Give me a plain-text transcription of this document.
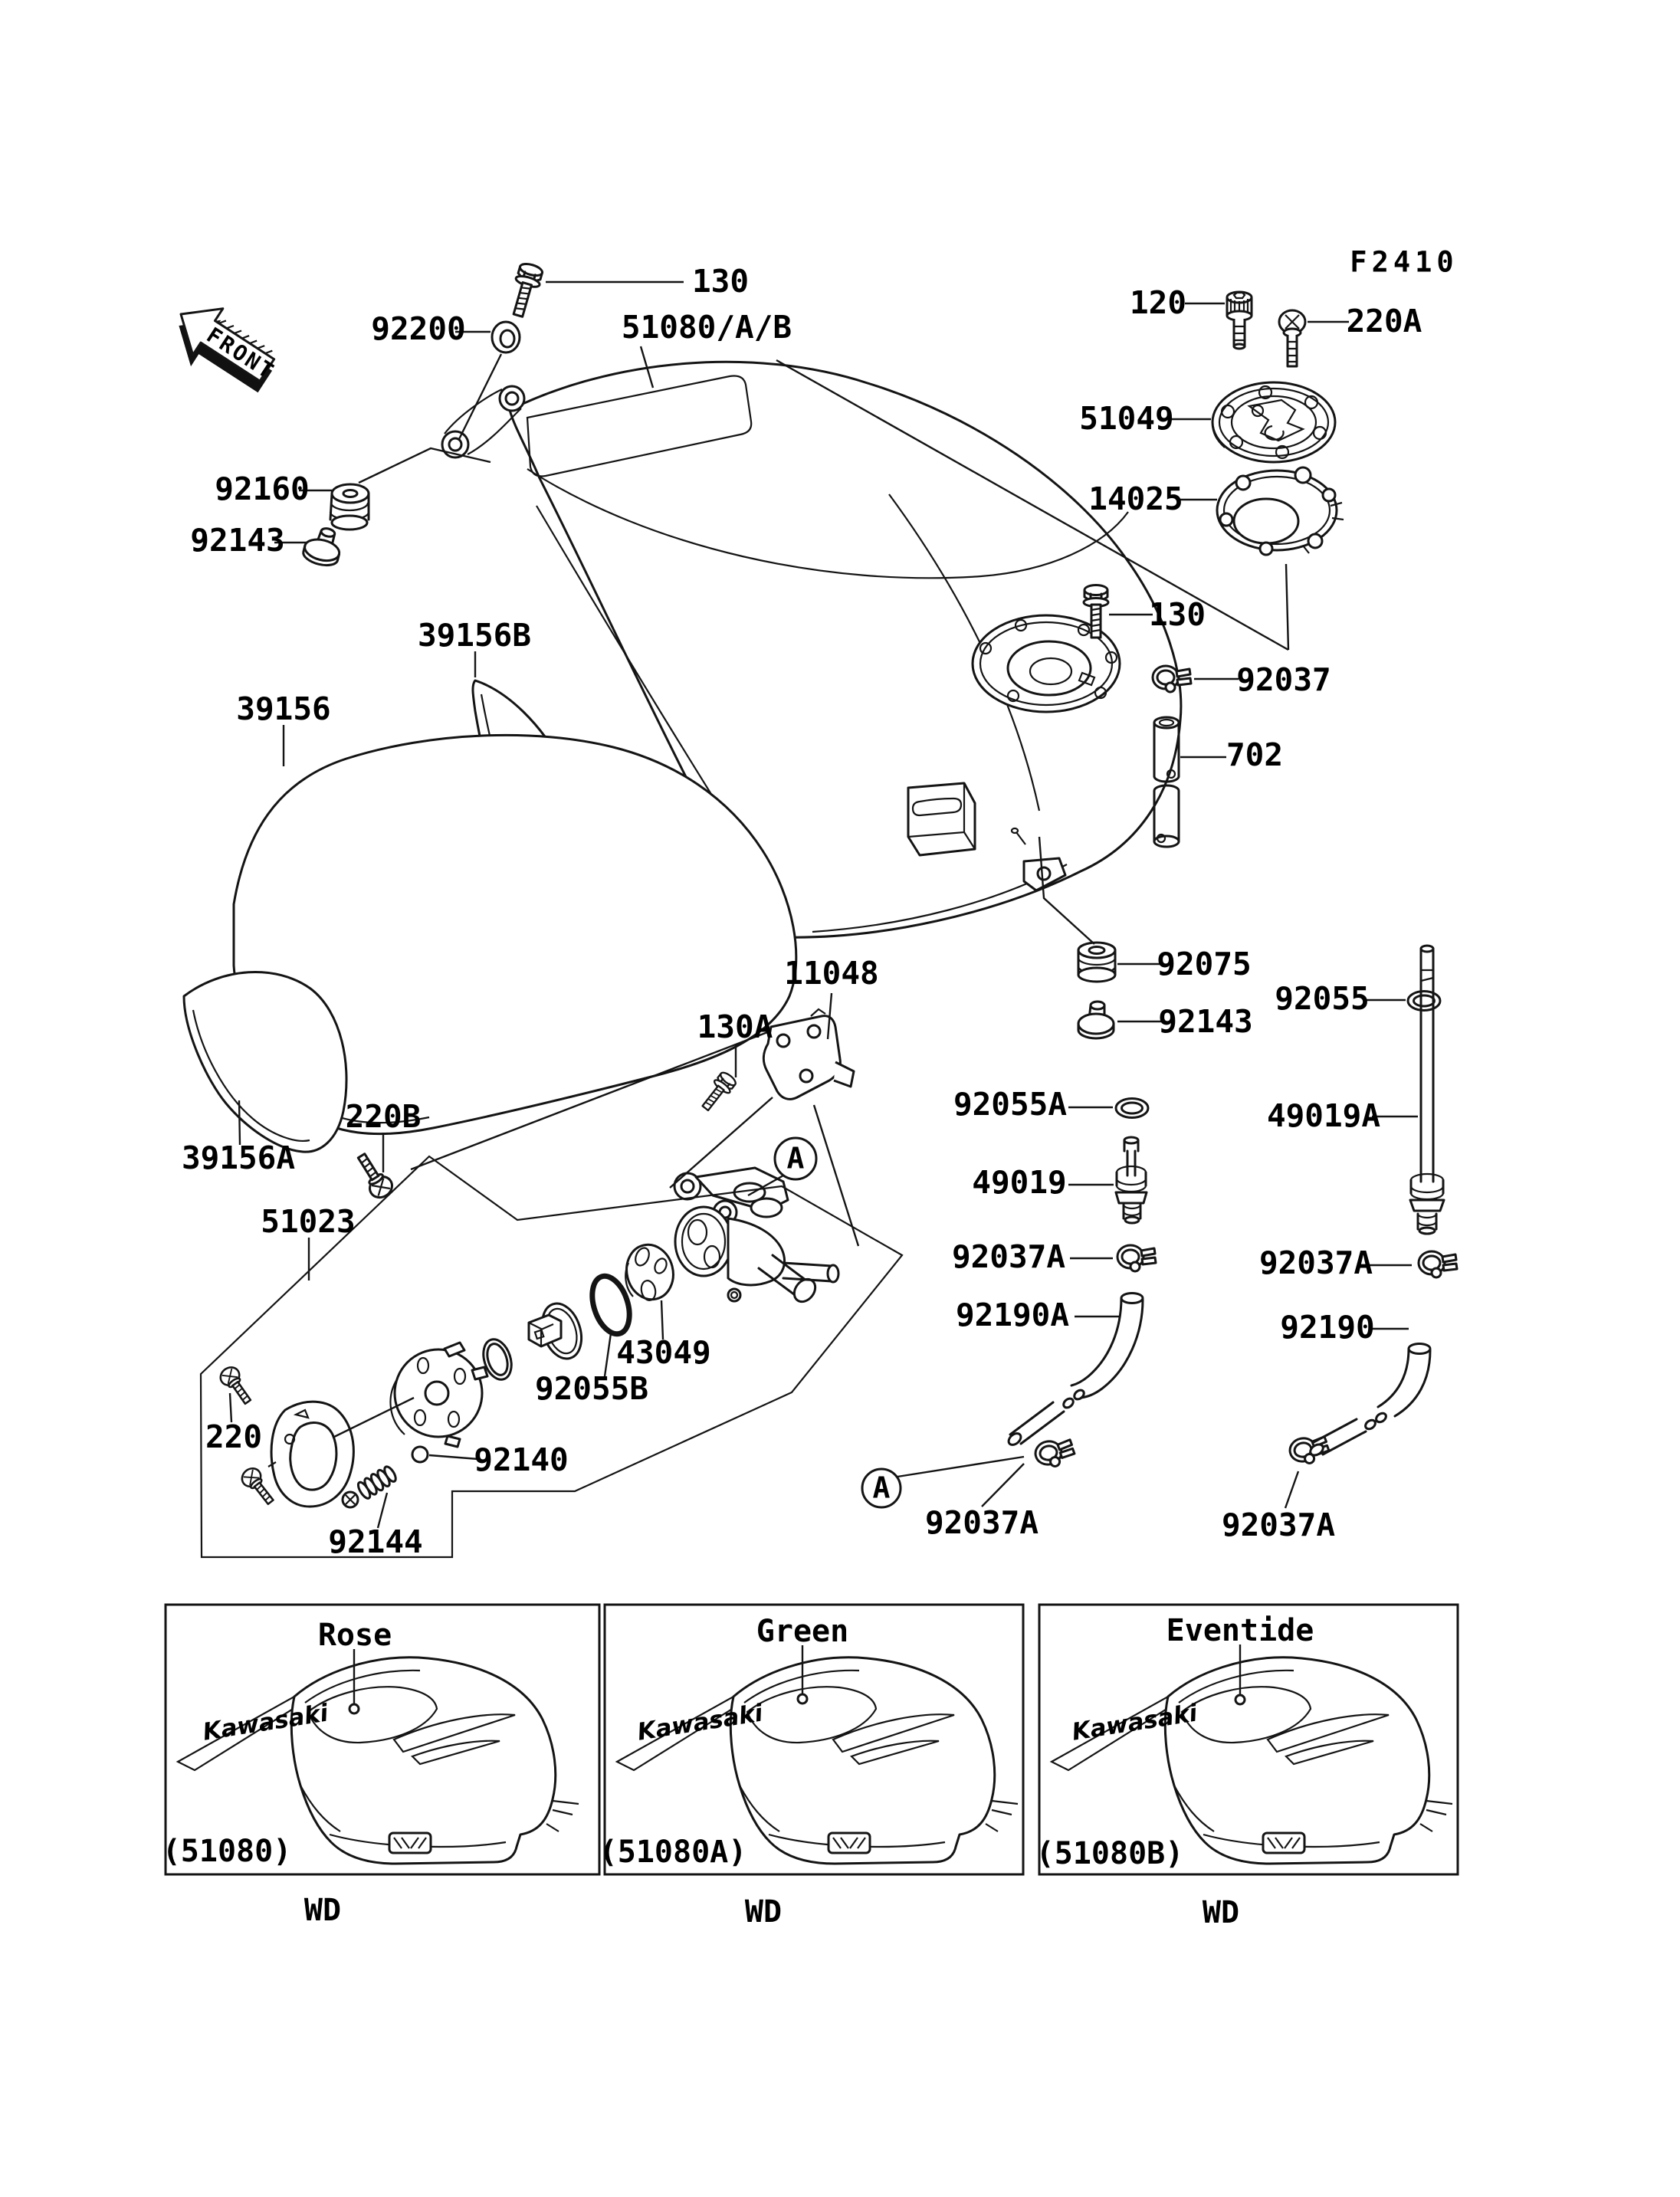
FRONT
F2410
130
92200	51080/A/B
120	220A
51049
14025
92160
92143
130
92037
702
39156B
39156
39156A
92075
92143
92055
11048
130A
92055A	49019A
220B
49019
51023
92037A	92037A
92190A	92190
43049
92055B
220
92140
92144
92037A	92037A
A
A
Kawasaki
Rose
(51080)
WD
Kawasaki
Green
(51080A)
WD
Kawasaki
Eventide
(51080B)
WD
